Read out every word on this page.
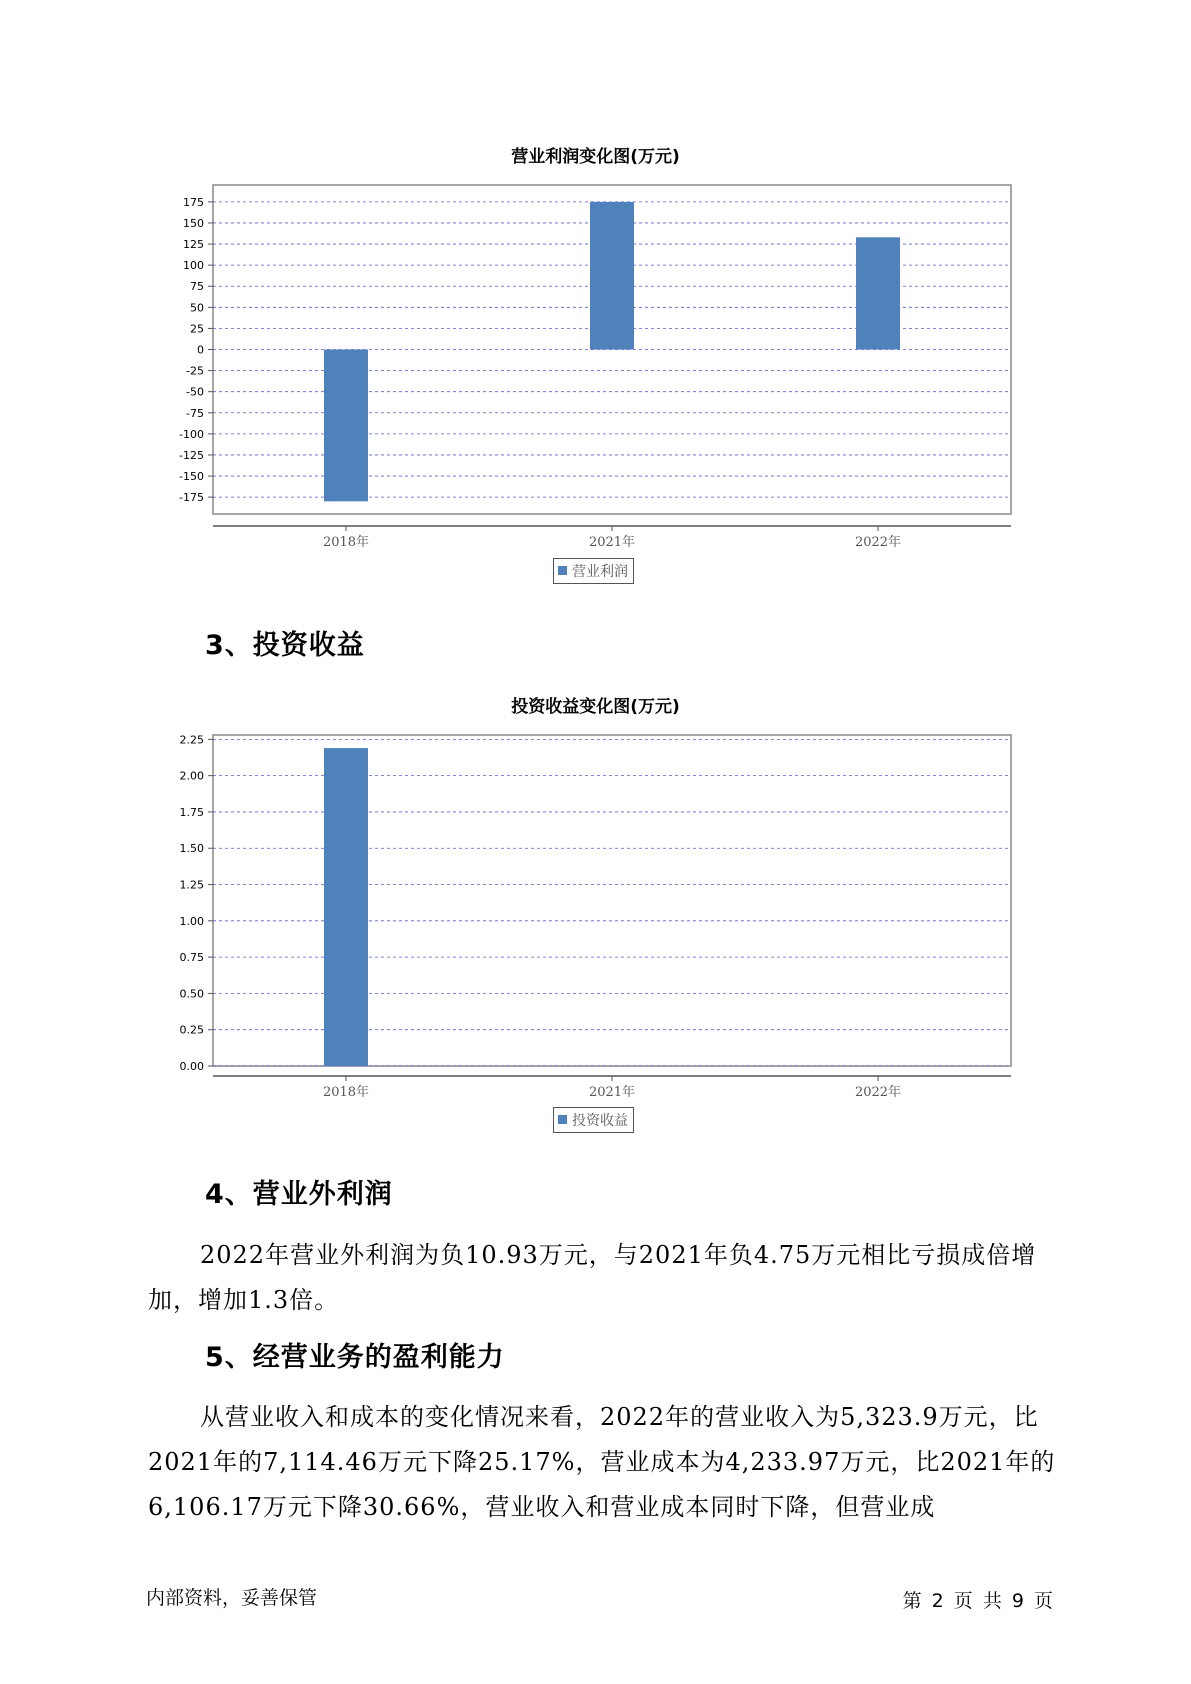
营业利润变化图(万元)
175
150
125
100
75
50
25
0
-25
-50
-75
-100
-125
-150
-175
2018年	2021年	2022年
营业利润
3、投资收益
投资收益变化图(万元)
2.25
2.00
1.75
1.50
1.25
1.00
0.75
0.50
0.25
0.00
2018年	2021年	2022年
投资收益
4、营业外利润
2022年营业外利润为负10.93万元，与2021年负4.75万元相比亏损成倍增加，增加1.3倍。
5、经营业务的盈利能力
从营业收入和成本的变化情况来看，2022年的营业收入为5,323.9万元，比2021年的7,114.46万元下降25.17%，营业成本为4,233.97万元，比2021年的6,106.17万元下降30.66%，营业收入和营业成本同时下降，但营业成
内部资料，妥善保管	第 2 页 共 9 页
